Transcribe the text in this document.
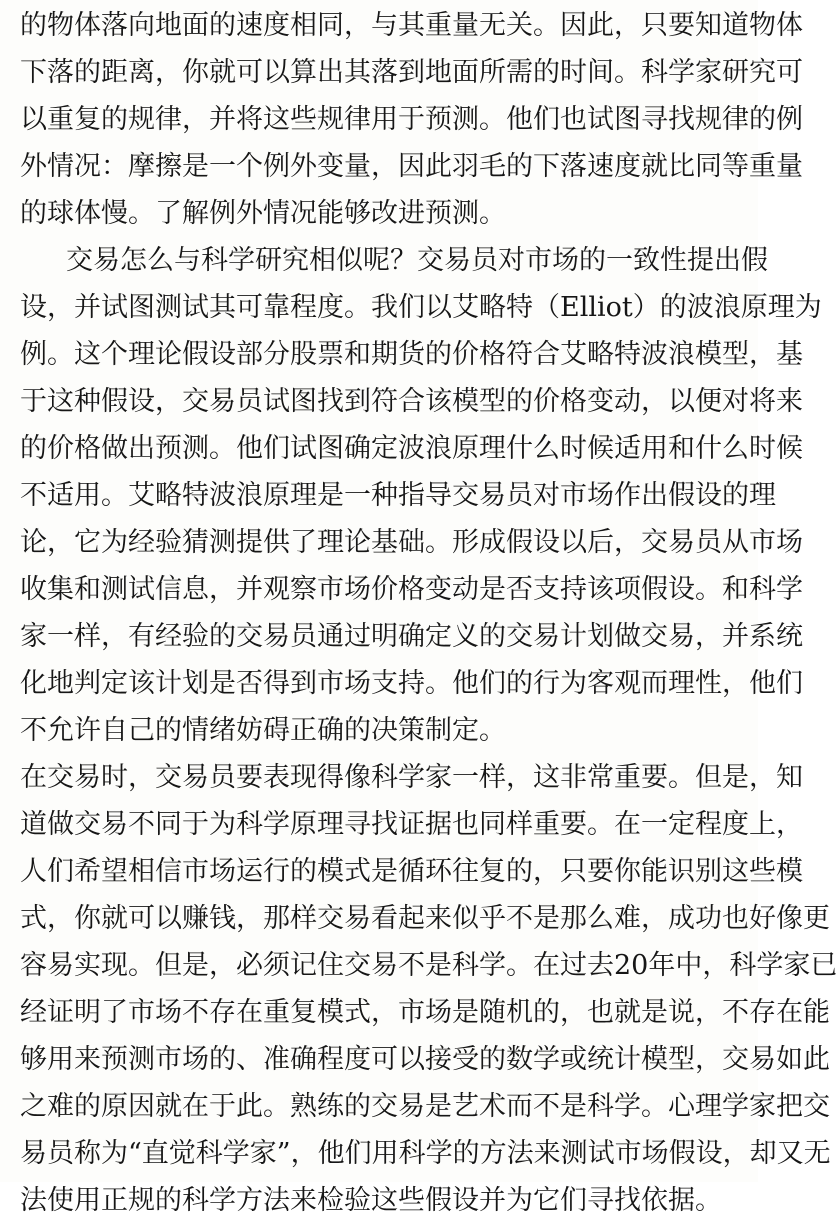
的物体落向地面的速度相同，与其重量无关。因此，只要知道物体
下落的距离，你就可以算出其落到地面所需的时间。科学家研究可
以重复的规律，并将这些规律用于预测。他们也试图寻找规律的例
外情况：摩擦是一个例外变量，因此羽毛的下落速度就比同等重量
的球体慢。了解例外情况能够改进预测。
交易怎么与科学研究相似呢？交易员对市场的一致性提出假
设，并试图测试其可靠程度。我们以艾略特（Elliot）的波浪原理为
例。这个理论假设部分股票和期货的价格符合艾略特波浪模型，基
于这种假设，交易员试图找到符合该模型的价格变动，以便对将来
的价格做出预测。他们试图确定波浪原理什么时候适用和什么时候
不适用。艾略特波浪原理是一种指导交易员对市场作出假设的理
论，它为经验猜测提供了理论基础。形成假设以后，交易员从市场
收集和测试信息，并观察市场价格变动是否支持该项假设。和科学
家一样，有经验的交易员通过明确定义的交易计划做交易，并系统
化地判定该计划是否得到市场支持。他们的行为客观而理性，他们
不允许自己的情绪妨碍正确的决策制定。
在交易时，交易员要表现得像科学家一样，这非常重要。但是，知
道做交易不同于为科学原理寻找证据也同样重要。在一定程度上，
人们希望相信市场运行的模式是循环往复的，只要你能识别这些模
式，你就可以赚钱，那样交易看起来似乎不是那么难，成功也好像更
容易实现。但是，必须记住交易不是科学。在过去20年中，科学家已
经证明了市场不存在重复模式，市场是随机的，也就是说，不存在能
够用来预测市场的、准确程度可以接受的数学或统计模型，交易如此
之难的原因就在于此。熟练的交易是艺术而不是科学。心理学家把交
易员称为“直觉科学家”，他们用科学的方法来测试市场假设，却又无
法使用正规的科学方法来检验这些假设并为它们寻找依据。
